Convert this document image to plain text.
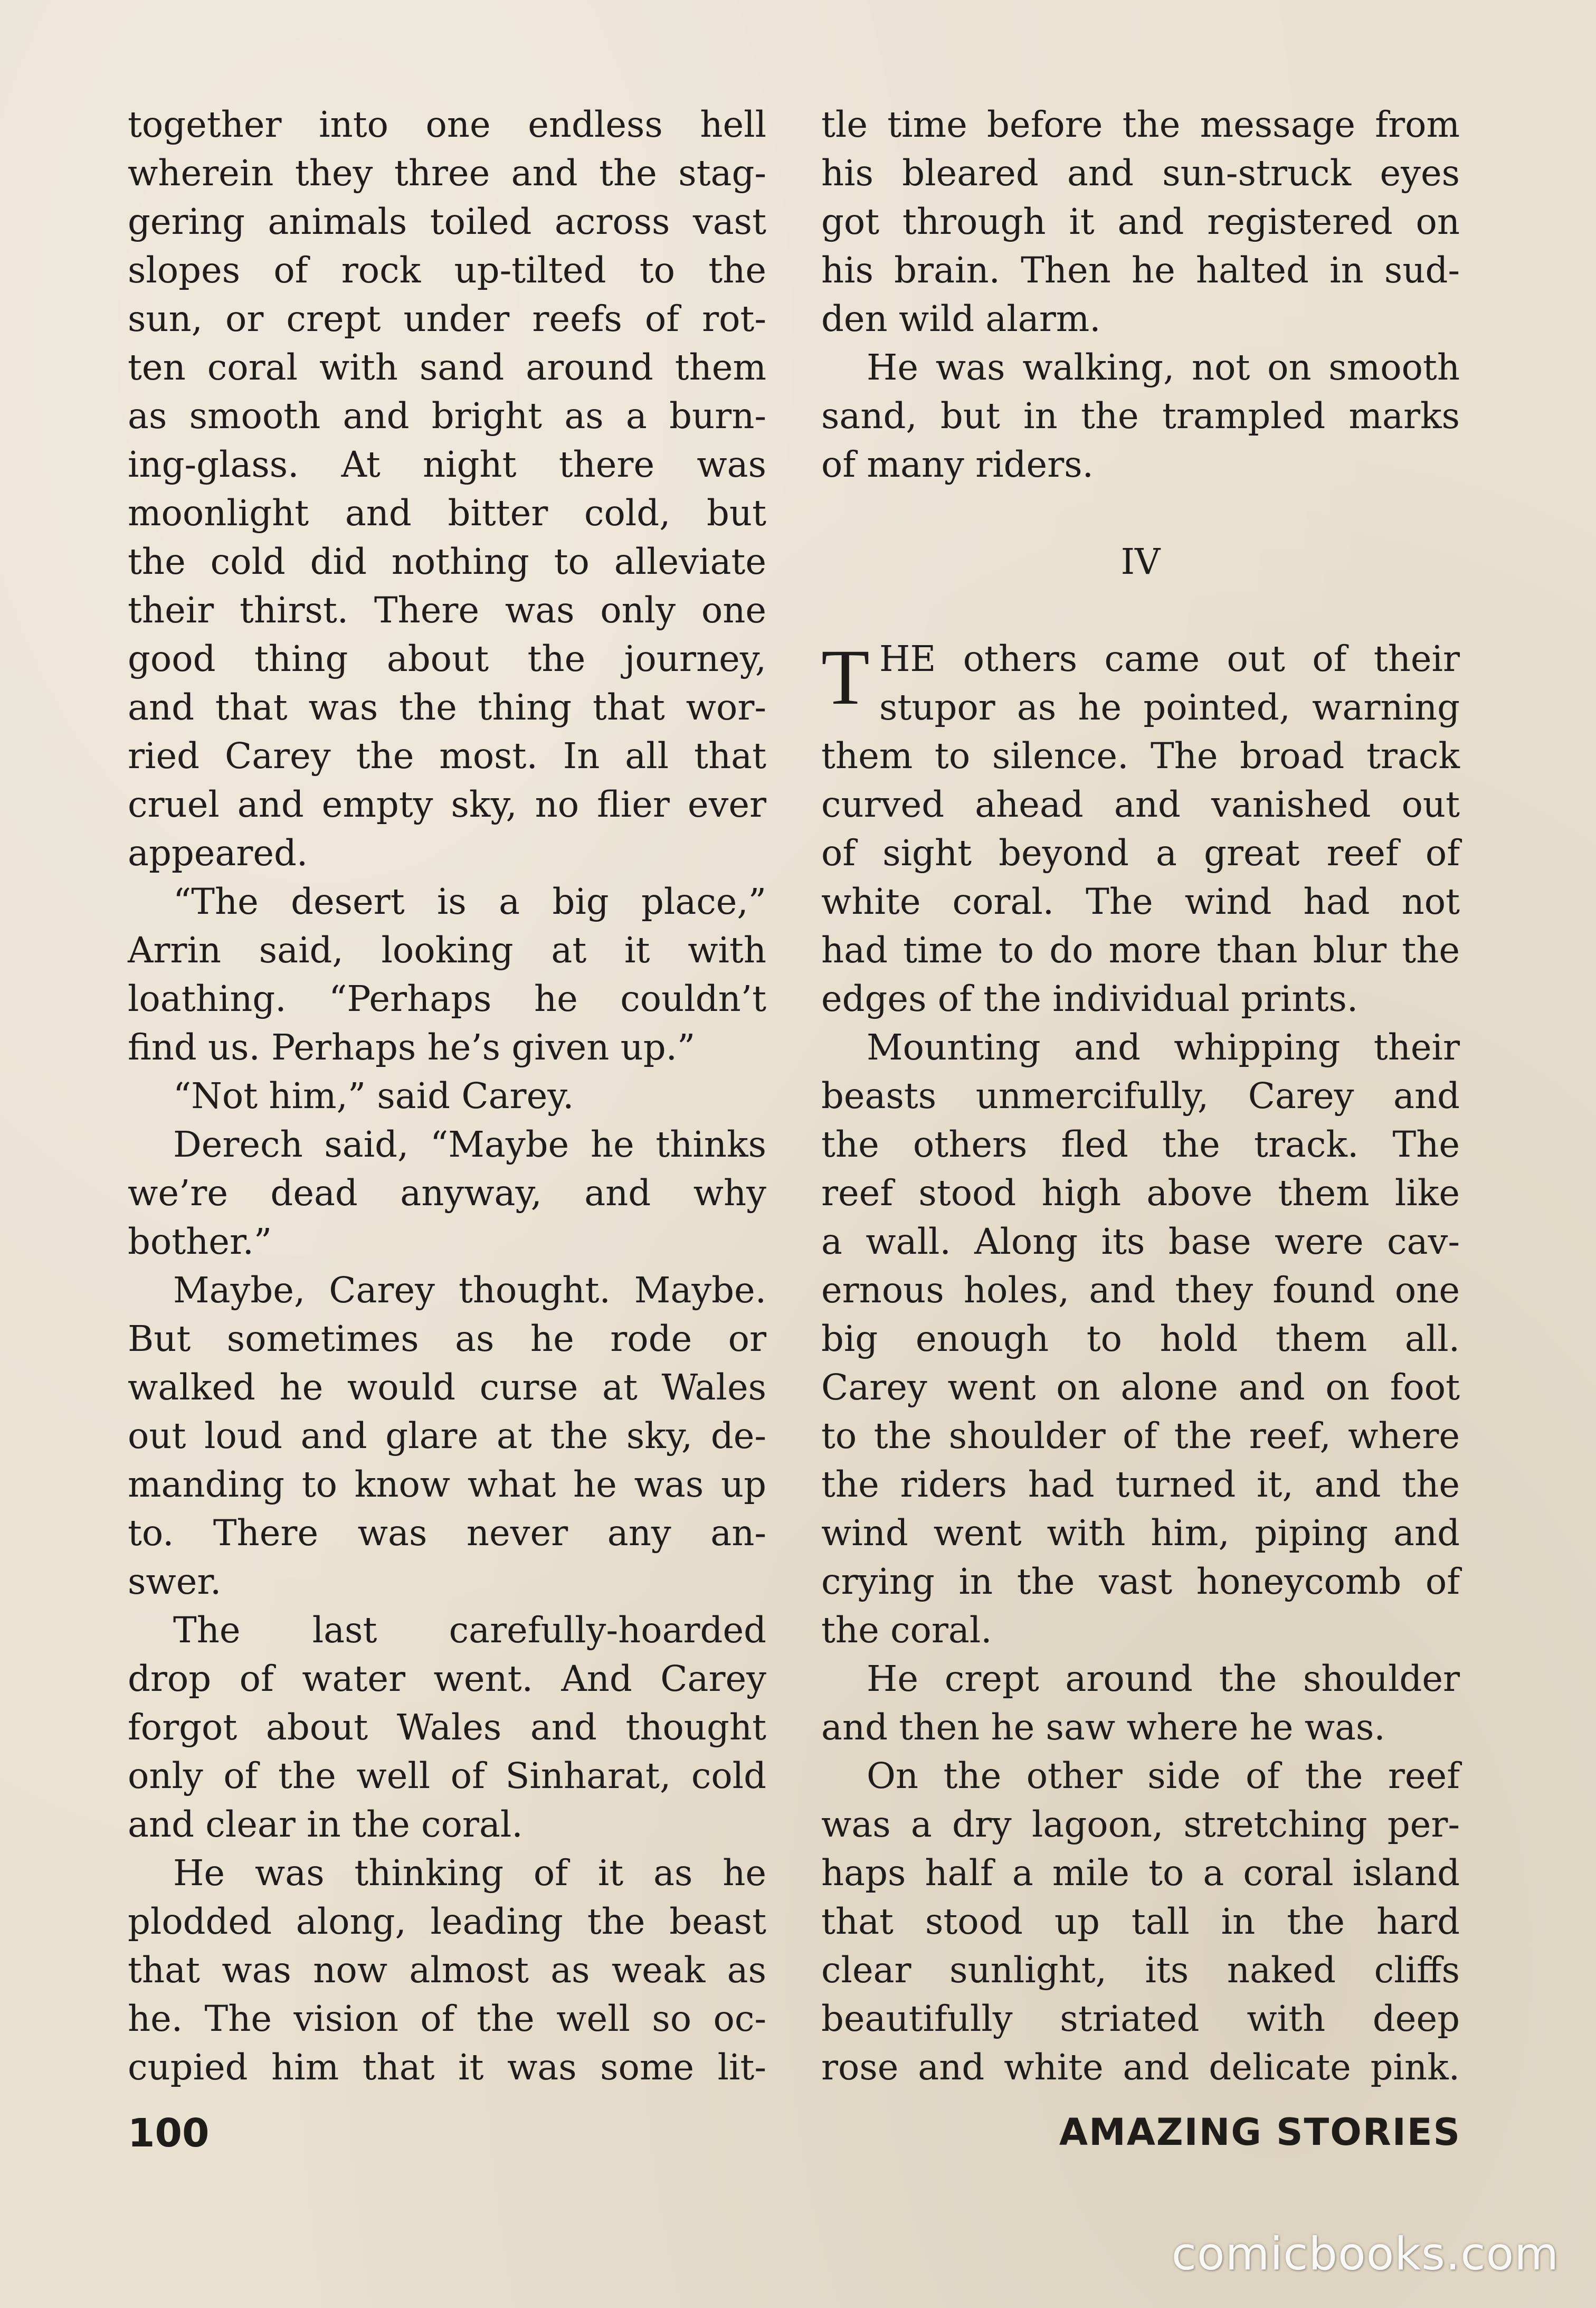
together into one endless hell
wherein they three and the stag-
gering animals toiled across vast
slopes of rock up-tilted to the
sun, or crept under reefs of rot-
ten coral with sand around them
as smooth and bright as a burn-
ing-glass. At night there was
moonlight and bitter cold, but
the cold did nothing to alleviate
their thirst. There was only one
good thing about the journey,
and that was the thing that wor-
ried Carey the most. In all that
cruel and empty sky, no flier ever
appeared.
“The desert is a big place,”
Arrin said, looking at it with
loathing. “Perhaps he couldn’t
find us. Perhaps he’s given up.”
“Not him,” said Carey.
Derech said, “Maybe he thinks
we’re dead anyway, and why
bother.”
Maybe, Carey thought. Maybe.
But sometimes as he rode or
walked he would curse at Wales
out loud and glare at the sky, de-
manding to know what he was up
to. There was never any an-
swer.
The last carefully-hoarded
drop of water went. And Carey
forgot about Wales and thought
only of the well of Sinharat, cold
and clear in the coral.
He was thinking of it as he
plodded along, leading the beast
that was now almost as weak as
he. The vision of the well so oc-
cupied him that it was some lit-
tle time before the message from
his bleared and sun-struck eyes
got through it and registered on
his brain. Then he halted in sud-
den wild alarm.
He was walking, not on smooth
sand, but in the trampled marks
of many riders.
IV
T HE others came out of their
stupor as he pointed, warning
them to silence. The broad track
curved ahead and vanished out
of sight beyond a great reef of
white coral. The wind had not
had time to do more than blur the
edges of the individual prints.
Mounting and whipping their
beasts unmercifully, Carey and
the others fled the track. The
reef stood high above them like
a wall. Along its base were cav-
ernous holes, and they found one
big enough to hold them all.
Carey went on alone and on foot
to the shoulder of the reef, where
the riders had turned it, and the
wind went with him, piping and
crying in the vast honeycomb of
the coral.
He crept around the shoulder
and then he saw where he was.
On the other side of the reef
was a dry lagoon, stretching per-
haps half a mile to a coral island
that stood up tall in the hard
clear sunlight, its naked cliffs
beautifully striated with deep
rose and white and delicate pink.
100	AMAZING STORIES
comicbooks.com
